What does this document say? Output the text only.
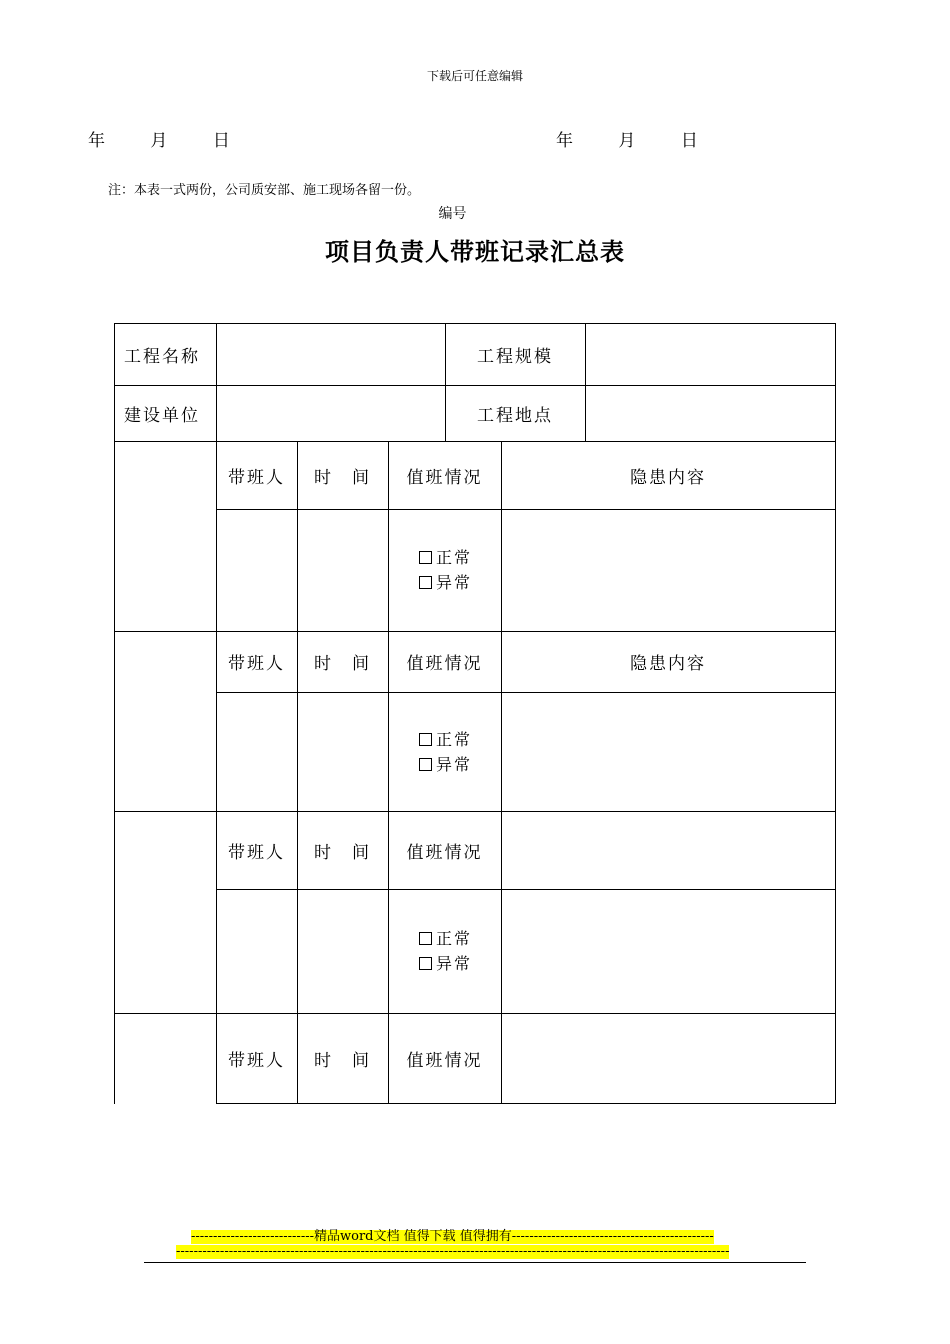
下载后可任意编辑
年	月	日	年	月	日
注：本表一式两份，公司质安部、施工现场各留一份。
编号
项目负责人带班记录汇总表
工程名称	工程规模
建设单位	工程地点
带班人	时　间	值班情况	隐患内容
正常
异常
带班人	时　间	值班情况	隐患内容
正常
异常
带班人	时　间	值班情况
正常
异常
带班人	时　间	值班情况
----------------------------精品word文档 值得下载 值得拥有----------------------------------------------
------------------------------------------------------------------------------------------------------------------------------
